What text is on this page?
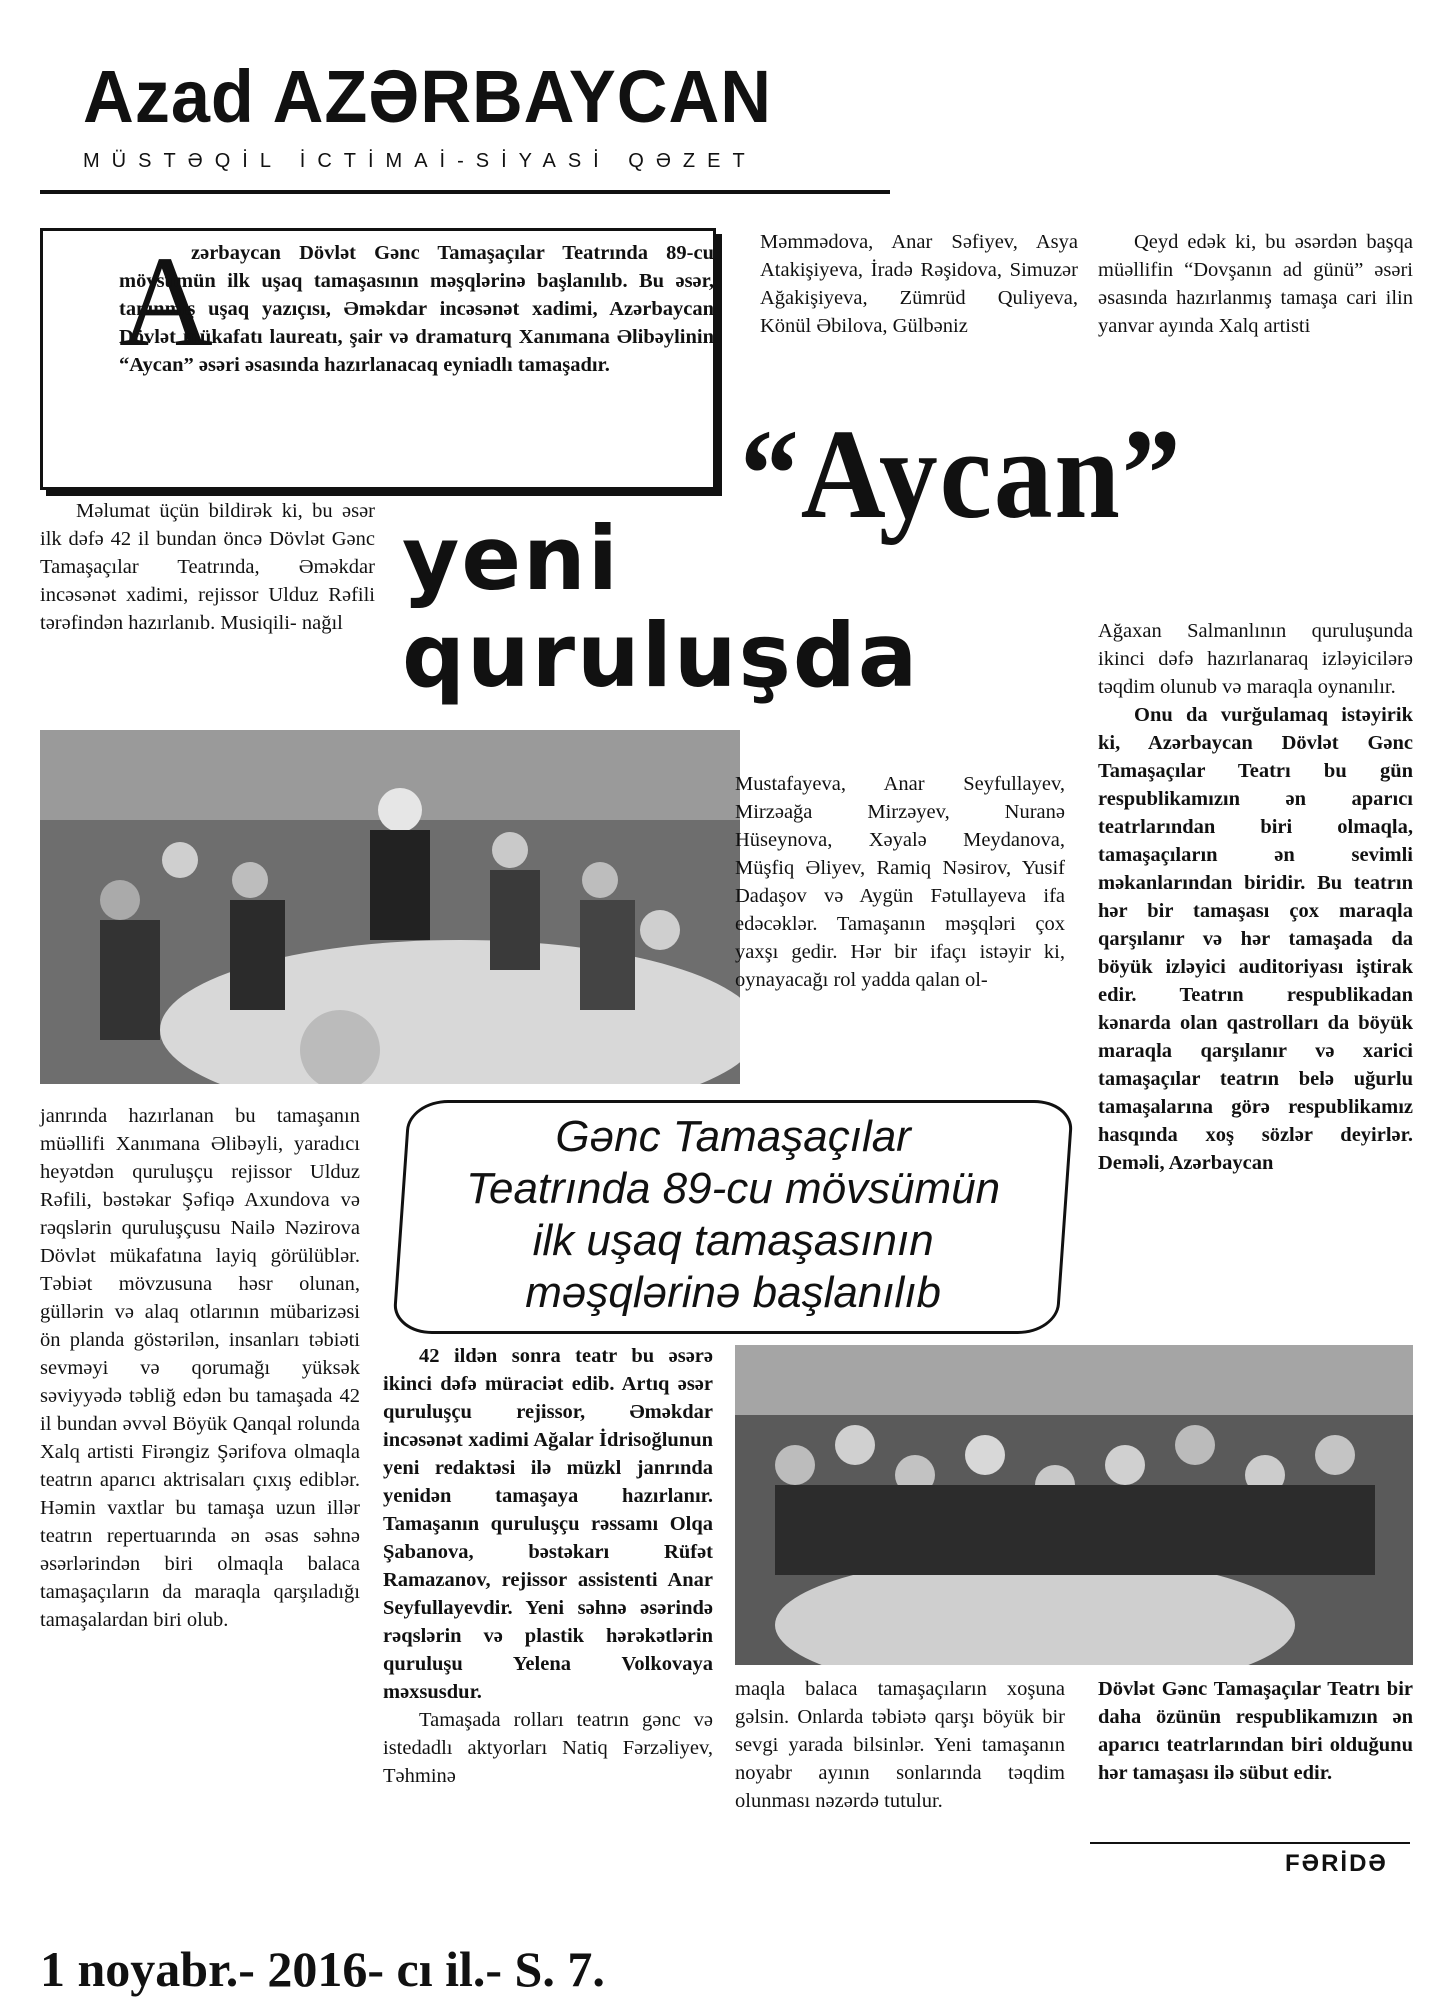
Azad AZƏRBAYCAN
MÜSTƏQİL İCTİMAİ-SİYASİ QƏZET
A
zərbaycan Dövlət Gənc Tamaşaçılar Teatrında 89-cu mövsümün ilk uşaq tamaşasının məşqlərinə başlanılıb. Bu əsər, tanınmış uşaq yazıçısı, Əməkdar incəsənət xadimi, Azərbaycan Dövlət mükafatı laureatı, şair və dramaturq Xanımana Əlibəylinin “Aycan” əsəri əsasında hazırlanacaq eyniadlı tamaşadır.

Məmmədova, Anar Səfiyev, Asya Atakişiyeva, İradə Rəşidova, Simuzər Ağakişiyeva, Zümrüd Quliyeva, Könül Əbilova, Gülbəniz

Qeyd edək ki, bu əsərdən başqa müəllifin “Dovşanın ad günü” əsəri əsasında hazırlanmış tamaşa cari ilin yanvar ayında Xalq artisti

“Aycan”
yeni
quruluşda

Məlumat üçün bildirək ki, bu əsər ilk dəfə 42 il bundan öncə Dövlət Gənc Tamaşaçılar Teatrında, Əməkdar incəsənət xadimi, rejissor Ulduz Rəfili tərəfindən hazırlanıb. Musiqili- nağıl	Ağaxan Salmanlının quruluşunda ikinci dəfə hazırlanaraq izləyicilərə təqdim olunub və maraqla oynanılır.

Onu da vurğulamaq istəyirik ki, Azərbaycan Dövlət Gənc Tamaşaçılar Teatrı bu gün respublikamızın ən aparıcı teatrlarından biri olmaqla, tamaşaçıların ən sevimli məkanlarından biridir. Bu teatrın hər bir tamaşası çox maraqla qarşılanır və hər tamaşada da böyük izləyici auditoriyası iştirak edir. Teatrın respublikadan kənarda olan qastrolları da böyük maraqla qarşılanır və xarici tamaşaçılar teatrın belə uğurlu tamaşalarına görə respublikamız hasqında xoş sözlər deyirlər. Deməli, Azərbaycan

Mustafayeva, Anar Seyfullayev, Mirzəağa Mirzəyev, Nuranə Hüseynova, Xəyalə Meydanova, Müşfiq Əliyev, Ramiq Nəsirov, Yusif Dadaşov və Aygün Fətullayeva ifa edəcəklər. Tamaşanın məşqləri çox yaxşı gedir. Hər bir ifaçı istəyir ki, oynayacağı rol yadda qalan ol-

Gənc Tamaşaçılar
Teatrında 89-cu mövsümün
ilk uşaq tamaşasının
məşqlərinə başlanılıb

janrında hazırlanan bu tamaşanın müəllifi Xanımana Əlibəyli, yaradıcı heyətdən quruluşçu rejissor Ulduz Rəfili, bəstəkar Şəfiqə Axundova və rəqslərin quruluşçusu Nailə Nəzirova Dövlət mükafatına layiq görülüblər. Təbiət mövzusuna həsr olunan, güllərin və alaq otlarının mübarizəsi ön planda göstərilən, insanları təbiəti sevməyi və qorumağı yüksək səviyyədə təbliğ edən bu tamaşada 42 il bundan əvvəl Böyük Qanqal rolunda Xalq artisti Firəngiz Şərifova olmaqla teatrın aparıcı aktrisaları çıxış ediblər. Həmin vaxtlar bu tamaşa uzun illər teatrın repertuarında ən əsas səhnə əsərlərindən biri olmaqla balaca tamaşaçıların da maraqla qarşıladığı tamaşalardan biri olub.

42 ildən sonra teatr bu əsərə ikinci dəfə müraciət edib. Artıq əsər quruluşçu rejissor, Əməkdar incəsənət xadimi Ağalar İdrisoğlunun yeni redaktəsi ilə müzkl janrında yenidən tamaşaya hazırlanır. Tamaşanın quruluşçu rəssamı Olqa Şabanova, bəstəkarı Rüfət Ramazanov, rejissor assistenti Anar Seyfullayevdir. Yeni səhnə əsərində rəqslərin və plastik hərəkətlərin quruluşu Yelena Volkovaya məxsusdur.

Tamaşada rolları teatrın gənc və istedadlı aktyorları Natiq Fərzəliyev, Təhminə

maqla balaca tamaşaçıların xoşuna gəlsin. Onlarda təbiətə qarşı böyük bir sevgi yarada bilsinlər. Yeni tamaşanın noyabr ayının sonlarında təqdim olunması nəzərdə tutulur.

Dövlət Gənc Tamaşaçılar Teatrı bir daha özünün respublikamızın ən aparıcı teatrlarından biri olduğunu hər tamaşası ilə sübut edir.

FƏRİDƏ
1 noyabr.- 2016- cı il.- S. 7.
